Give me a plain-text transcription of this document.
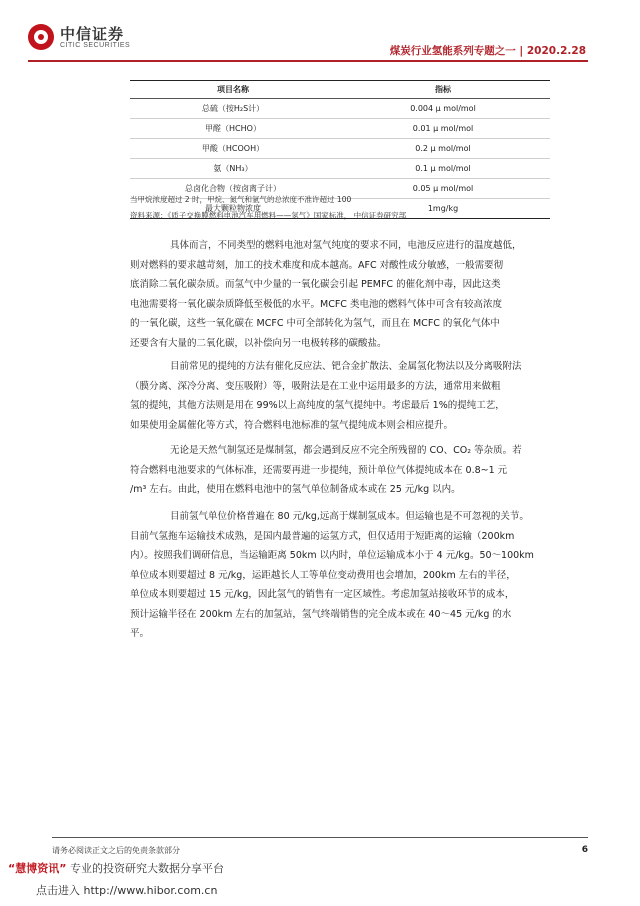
中信证券
CITIC SECURITIES	煤炭行业氢能系列专题之一 | 2020.2.28
项目名称	指标
总硫（按H₂S计）	0.004 μ mol/mol
甲醛（HCHO）	0.01 μ mol/mol
甲酸（HCOOH）	0.2 μ mol/mol
氨（NH₃）	0.1 μ mol/mol
总卤化合物（按卤离子计）	0.05 μ mol/mol
最大颗粒物浓度	1mg/kg
当甲烷浓度超过 2 时，甲烷、氮气和氩气的总浓度不准许超过 100
资料来源：《质子交换膜燃料电池汽车用燃料——氢气》国家标准， 中信证券研究部

具体而言，不同类型的燃料电池对氢气纯度的要求不同，电池反应进行的温度越低，
则对燃料的要求越苛刻，加工的技术难度和成本越高。AFC 对酸性成分敏感，一般需要彻
底消除二氧化碳杂质。而氢气中少量的一氧化碳会引起 PEMFC 的催化剂中毒，因此这类
电池需要将一氧化碳杂质降低至极低的水平。MCFC 类电池的燃料气体中可含有较高浓度
的一氧化碳，这些一氧化碳在 MCFC 中可全部转化为氢气，而且在 MCFC 的氧化气体中
还要含有大量的二氧化碳，以补偿向另一电极转移的碳酸盐。

目前常见的提纯的方法有催化反应法、钯合金扩散法、金属氢化物法以及分离吸附法
（膜分离、深冷分离、变压吸附）等，吸附法是在工业中运用最多的方法，通常用来做粗
氢的提纯，其他方法则是用在 99%以上高纯度的氢气提纯中。考虑最后 1%的提纯工艺，
如果使用金属催化等方式，符合燃料电池标准的氢气提纯成本则会相应提升。

无论是天然气制氢还是煤制氢，都会遇到反应不完全所残留的 CO、CO₂ 等杂质。若
符合燃料电池要求的气体标准，还需要再进一步提纯，预计单位气体提纯成本在 0.8~1 元
/m³ 左右。由此，使用在燃料电池中的氢气单位制备成本或在 25 元/kg 以内。

目前氢气单位价格普遍在 80 元/kg,远高于煤制氢成本。但运输也是不可忽视的关节。
目前气氢拖车运输技术成熟，是国内最普遍的运氢方式，但仅适用于短距离的运输（200km
内）。按照我们调研信息，当运输距离 50km 以内时，单位运输成本小于 4 元/kg。50～100km
单位成本则要超过 8 元/kg，运距越长人工等单位变动费用也会增加，200km 左右的半径，
单位成本则要超过 15 元/kg，因此氢气的销售有一定区域性。考虑加氢站接收环节的成本，
预计运输半径在 200km 左右的加氢站，氢气终端销售的完全成本或在 40～45 元/kg 的水
平。

请务必阅读正文之后的免责条款部分	6
“慧博资讯” 专业的投资研究大数据分享平台
点击进入 http://www.hibor.com.cn
